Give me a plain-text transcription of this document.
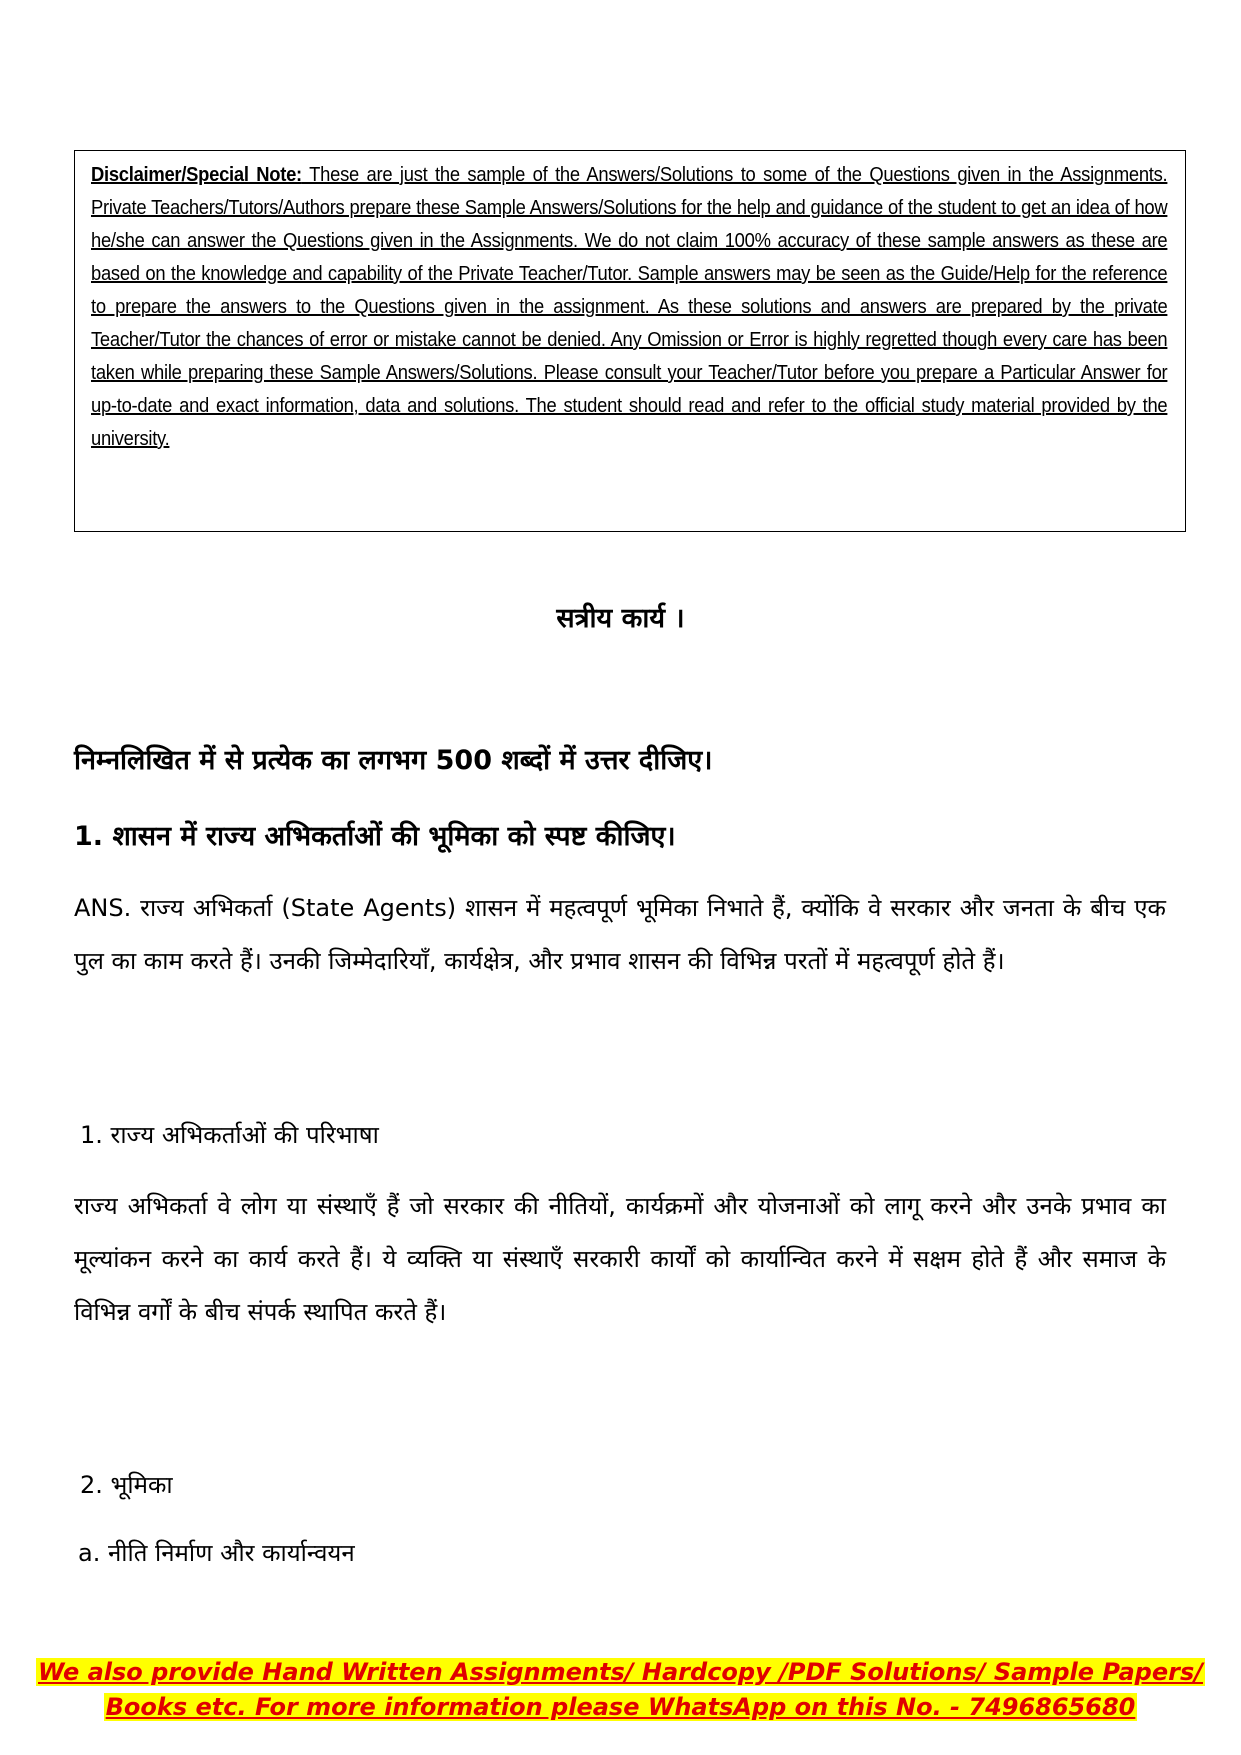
Disclaimer/Special Note: These are just the sample of the Answers/Solutions to some of the Questions given in the Assignments. Private Teachers/Tutors/Authors prepare these Sample Answers/Solutions for the help and guidance of the student to get an idea of how he/she can answer the Questions given in the Assignments. We do not claim 100% accuracy of these sample answers as these are based on the knowledge and capability of the Private Teacher/Tutor. Sample answers may be seen as the Guide/Help for the reference to prepare the answers to the Questions given in the assignment. As these solutions and answers are prepared by the private Teacher/Tutor the chances of error or mistake cannot be denied. Any Omission or Error is highly regretted though every care has been taken while preparing these Sample Answers/Solutions. Please consult your Teacher/Tutor before you prepare a Particular Answer for up-to-date and exact information, data and solutions. The student should read and refer to the official study material provided by the university.
सत्रीय कार्य ।
निम्नलिखित में से प्रत्येक का लगभग 500 शब्दों में उत्तर दीजिए।
1. शासन में राज्य अभिकर्ताओं की भूमिका को स्पष्ट कीजिए।
ANS. राज्य अभिकर्ता (State Agents) शासन में महत्वपूर्ण भूमिका निभाते हैं, क्योंकि वे सरकार और जनता के बीच एक पुल का काम करते हैं। उनकी जिम्मेदारियाँ, कार्यक्षेत्र, और प्रभाव शासन की विभिन्न परतों में महत्वपूर्ण होते हैं।
1. राज्य अभिकर्ताओं की परिभाषा
राज्य अभिकर्ता वे लोग या संस्थाएँ हैं जो सरकार की नीतियों, कार्यक्रमों और योजनाओं को लागू करने और उनके प्रभाव का मूल्यांकन करने का कार्य करते हैं। ये व्यक्ति या संस्थाएँ सरकारी कार्यों को कार्यान्वित करने में सक्षम होते हैं और समाज के विभिन्न वर्गों के बीच संपर्क स्थापित करते हैं।
2. भूमिका
a. नीति निर्माण और कार्यान्वयन
We also provide Hand Written Assignments/ Hardcopy /PDF Solutions/ Sample Papers/
Books etc. For more information please WhatsApp on this No. - 7496865680
